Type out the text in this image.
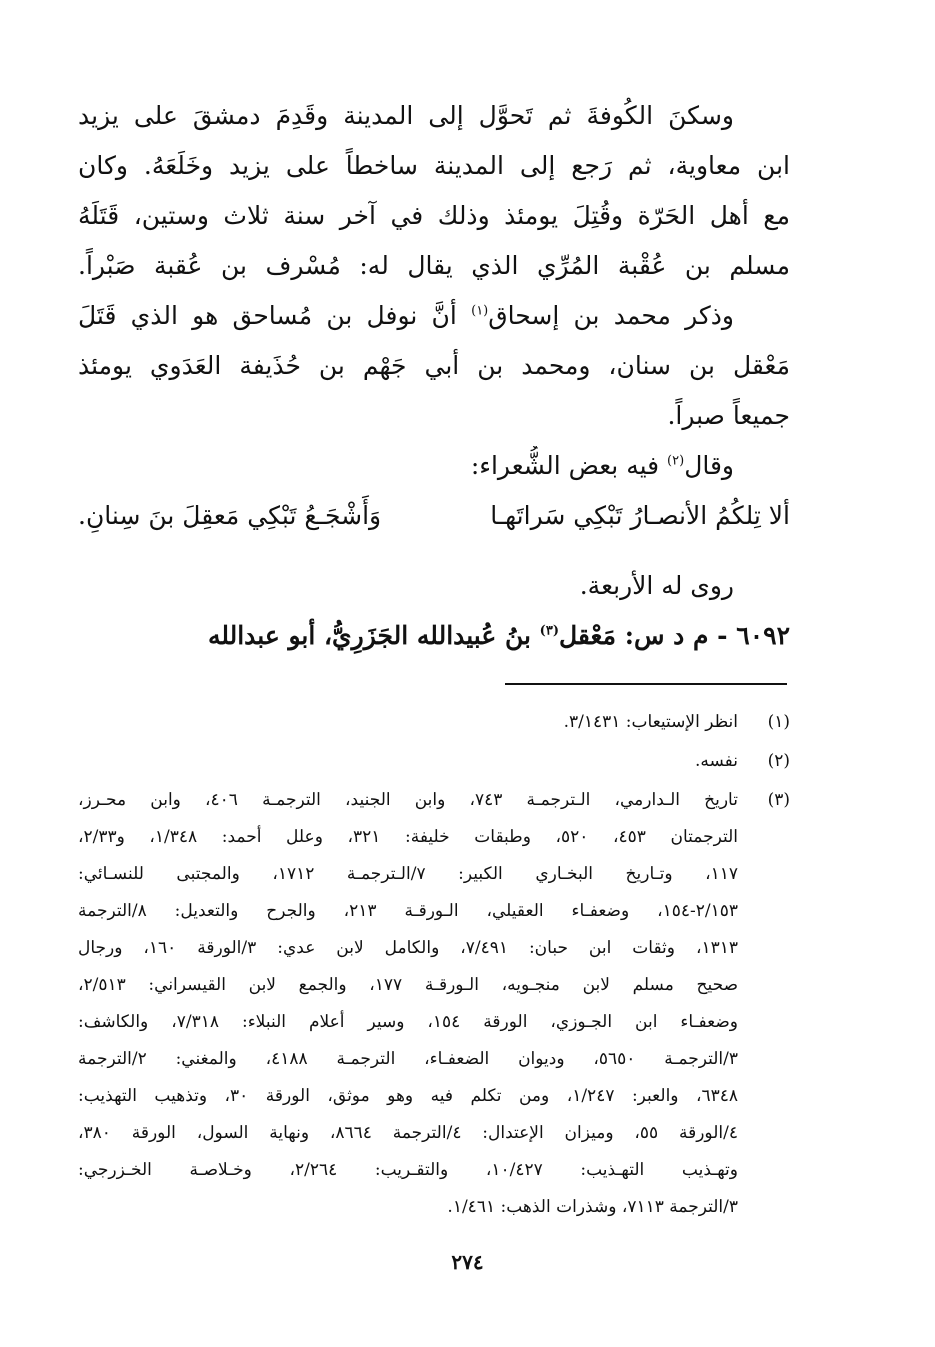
وسكنَ الكُوفةَ ثم تَحوَّل إلى المدينة وقَدِمَ دمشقَ على يزيد
ابن معاوية، ثم رَجع إلى المدينة ساخطاً على يزيد وخَلَعَهُ. وكان
مع أهل الحَرّة وقُتِلَ يومئذ وذلك في آخر سنة ثلاث وستين، قَتَلَهُ
مسلم بن عُقْبة المُرِّي الذي يقال له: مُسْرف بن عُقبة صَبْراً.
وذكر محمد بن إسحاق$^{(١)}$ أنَّ نوفل بن مُساحق هو الذي قَتَلَ
مَعْقل بن سنان، ومحمد بن أبي جَهْم بن حُذَيفة العَدَوي يومئذ
جميعاً صبراً.
وقال$^{(٢)}$ فيه بعض الشُّعراء:
ألا تِلكُمُ الأنصـارُ تَبْكِي سَراتَهـا
وَأَشْجَـعُ تَبْكِي مَعقِلَ بنَ سِنانِ.
روى له الأربعة.
٦٠٩٢ - م د س: مَعْقل$^{(٣)}$ بنُ عُبيدالله الجَزَرِيُّ، أبو عبدالله
(١)
انظر الإستيعاب: ٣/١٤٣١.
(٢)
نفسه.
(٣)
تاريخ الـدارمي، الـترجمـة ٧٤٣، وابن الجنيد، الترجمـة ٤٠٦، وابن محـرز،
الترجمتان ٤٥٣، ٥٢٠، وطبقات خليفة: ٣٢١، وعلل أحمد: ١/٣٤٨، و٢/٣٣،
١١٧، وتـاريخ البخـاري الكبير: ٧/الـترجمـة ١٧١٢، والمجتبى للنسـائي:
٢/١٥٣-١٥٤، وضعفـاء العقيلي، الـورقـة ٢١٣، والجرح والتعديل: ٨/الترجمة
١٣١٣، وثقات ابن حبان: ٧/٤٩١، والكامل لابن عدي: ٣/الورقة ١٦٠، ورجال
صحيح مسلم لابن منجـويه، الـورقـة ١٧٧، والجمع لابن القيسراني: ٢/٥١٣،
وضعفـاء ابن الجـوزي، الورقة ١٥٤، وسير أعلام النبلاء: ٧/٣١٨، والكاشف:
٣/الترجمـة ٥٦٥٠، وديوان الضعفـاء، الترجمـة ٤١٨٨، والمغني: ٢/الترجمة
٦٣٤٨، والعبر: ١/٢٤٧، ومن تكلم فيه وهو موثق، الورقة ٣٠، وتذهيب التهذيب:
٤/الورقة ٥٥، وميزان الإعتدال: ٤/الترجمة ٨٦٦٤، ونهاية السول، الورقة ٣٨٠،
وتهـذيب التهـذيب: ١٠/٤٢٧، والتقـريب: ٢/٢٦٤، وخـلاصـة الخـزرجي:
٣/الترجمة ٧١١٣، وشذرات الذهب: ١/٤٦١.
٢٧٤
